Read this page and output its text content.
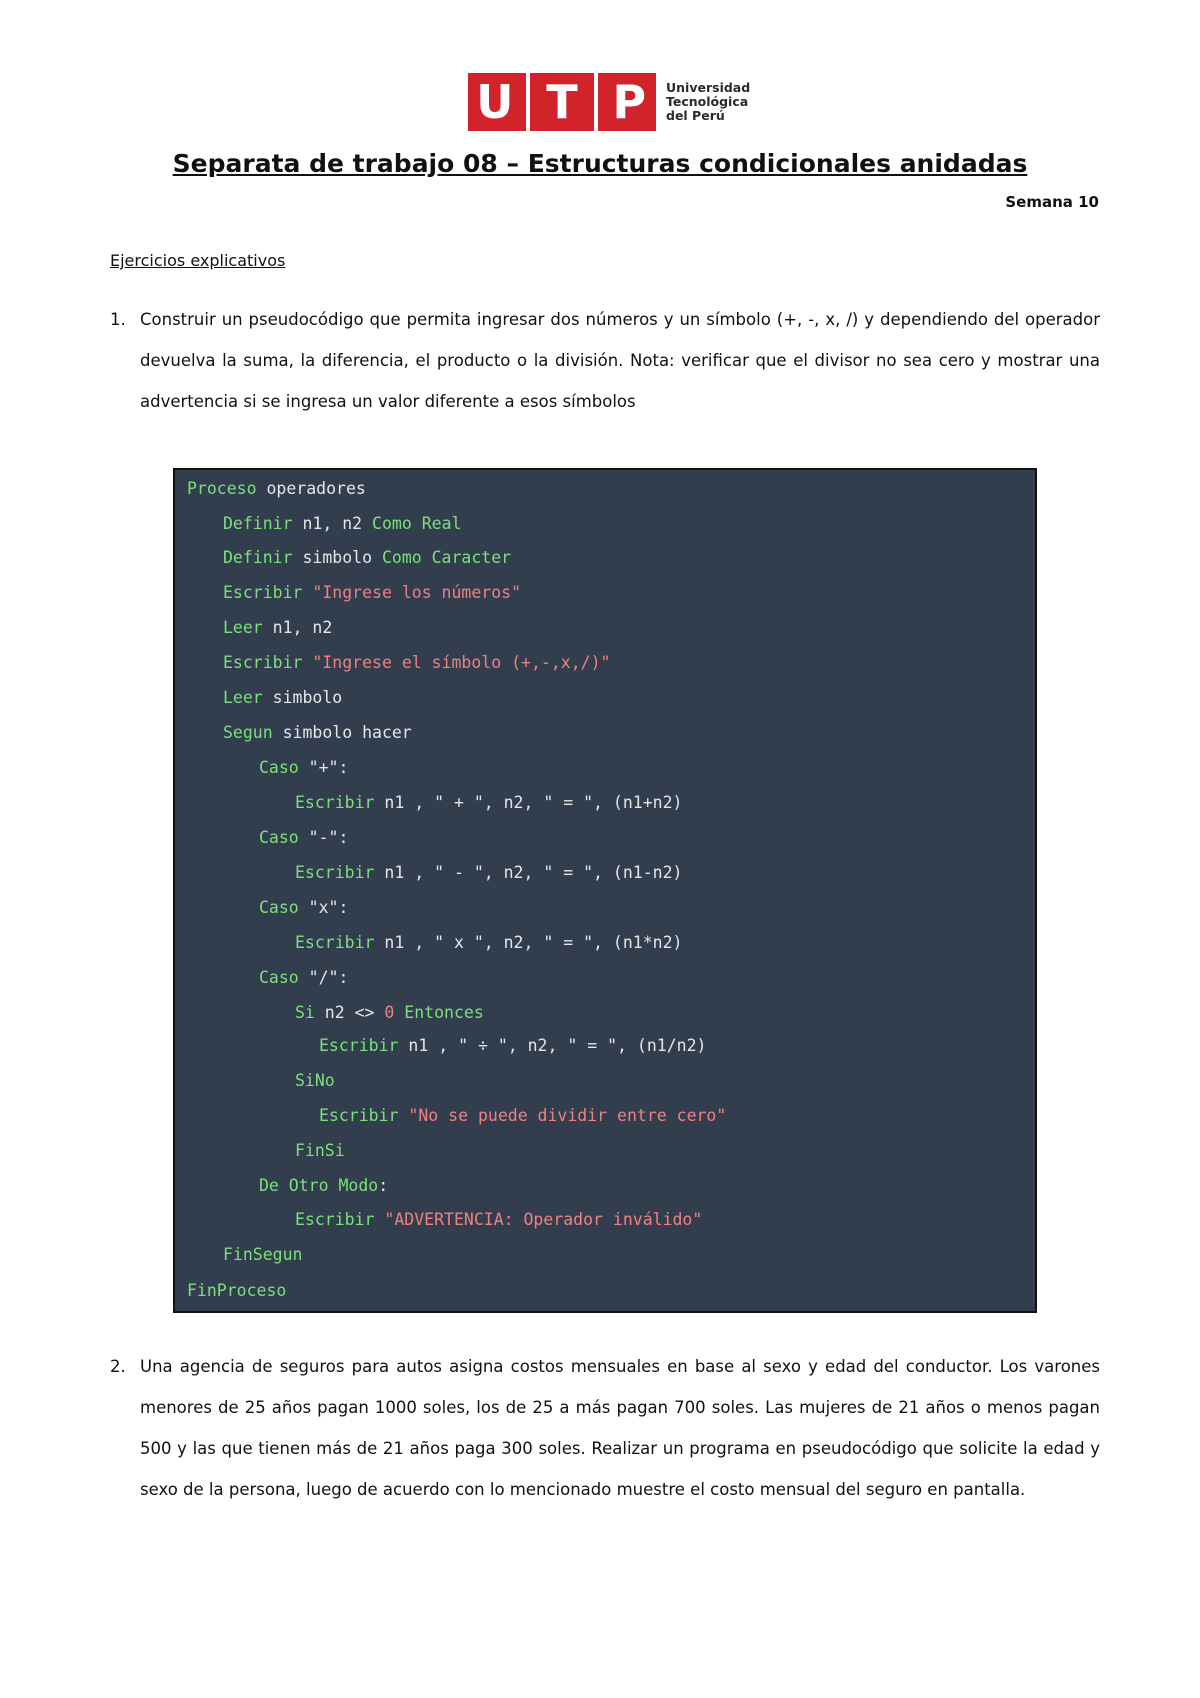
U T P	Universidad
Tecnológica
del Perú
Separata de trabajo 08 – Estructuras condicionales anidadas
Semana 10
Ejercicios explicativos
1. Construir un pseudocódigo que permita ingresar dos números y un símbolo (+, -, x, /) y dependiendo del operador devuelva la suma, la diferencia, el producto o la división. Nota: verificar que el divisor no sea cero y mostrar una advertencia si se ingresa un valor diferente a esos símbolos
Proceso operadores
Definir n1, n2 Como Real
Definir simbolo Como Caracter
Escribir "Ingrese los números"
Leer n1, n2
Escribir "Ingrese el símbolo (+,-,x,/)"
Leer simbolo
Segun simbolo hacer
Caso "+":
Escribir n1 , " + ", n2, " = ", (n1+n2)
Caso "-":
Escribir n1 , " - ", n2, " = ", (n1-n2)
Caso "x":
Escribir n1 , " x ", n2, " = ", (n1*n2)
Caso "/":
Si n2 <> 0 Entonces
Escribir n1 , " ÷ ", n2, " = ", (n1/n2)
SiNo
Escribir "No se puede dividir entre cero"
FinSi
De Otro Modo:
Escribir "ADVERTENCIA: Operador inválido"
FinSegun
FinProceso
2. Una agencia de seguros para autos asigna costos mensuales en base al sexo y edad del conductor. Los varones menores de 25 años pagan 1000 soles, los de 25 a más pagan 700 soles. Las mujeres de 21 años o menos pagan 500 y las que tienen más de 21 años paga 300 soles. Realizar un programa en pseudocódigo que solicite la edad y sexo de la persona, luego de acuerdo con lo mencionado muestre el costo mensual del seguro en pantalla.
